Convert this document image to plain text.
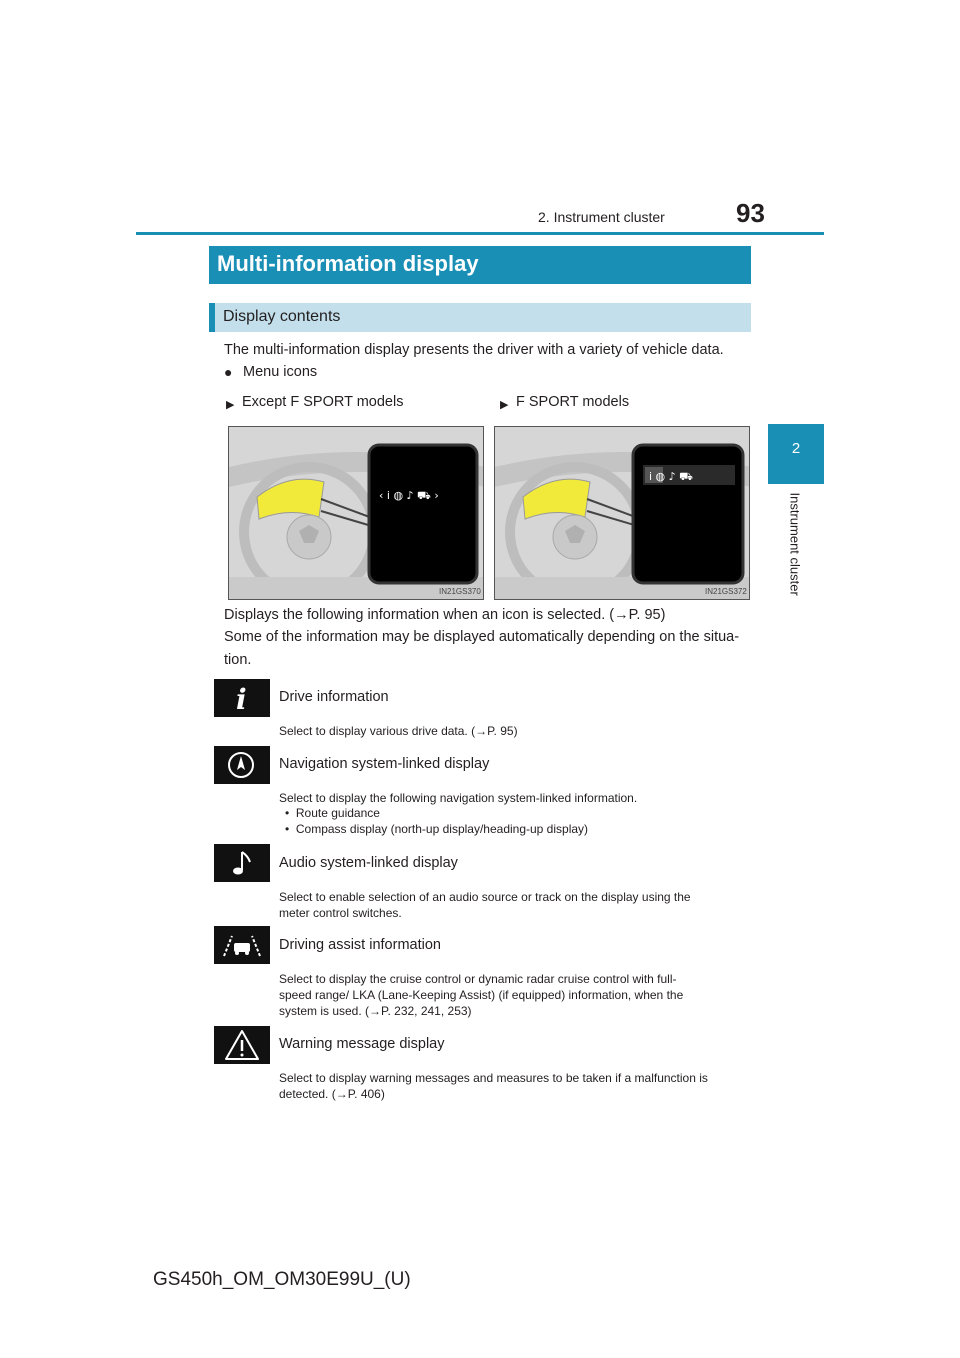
2. Instrument cluster	93
2
Instrument cluster
Multi-information display
Display contents
The multi-information display presents the driver with a variety of vehicle data.
● Menu icons
▶ Except F SPORT models	▶ F SPORT models
‹ i ◍ ♪ ⛟ ›
IN21GS370
i ◍ ♪ ⛟
IN21GS372
Displays the following information when an icon is selected. (→P. 95)
Some of the information may be displayed automatically depending on the situa-
tion.
i Drive information
Select to display various drive data. (→P. 95)
Navigation system-linked display
Select to display the following navigation system-linked information.
•  Route guidance
•  Compass display (north-up display/heading-up display)
Audio system-linked display
Select to enable selection of an audio source or track on the display using the
meter control switches.
Driving assist information
Select to display the cruise control or dynamic radar cruise control with full-
speed range/ LKA (Lane-Keeping Assist) (if equipped) information, when the
system is used. (→P. 232, 241, 253)
Warning message display
Select to display warning messages and measures to be taken if a malfunction is
detected. (→P. 406)
GS450h_OM_OM30E99U_(U)
